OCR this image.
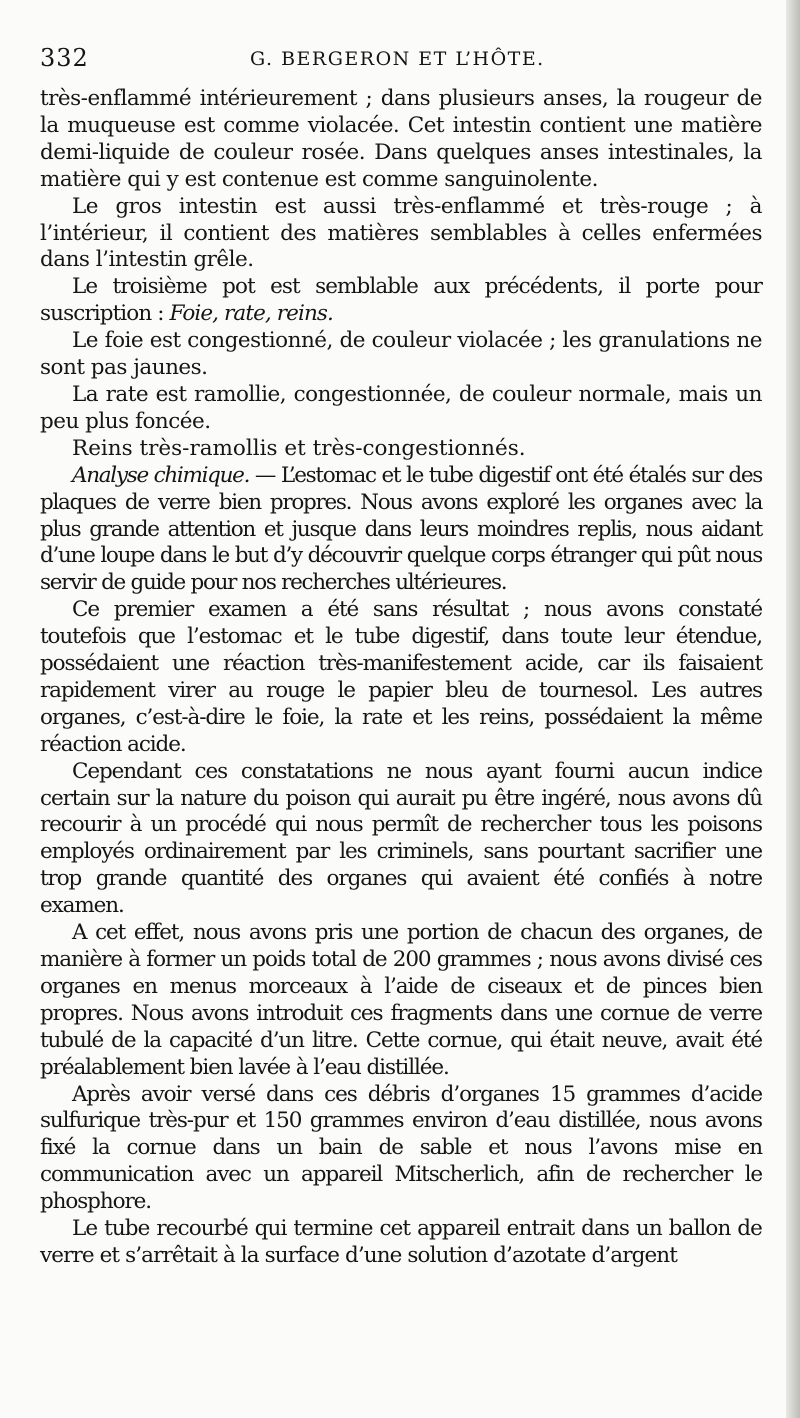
332	G. BERGERON ET L’HÔTE.

très-enflammé intérieurement ; dans plusieurs anses, la rougeur de la muqueuse est comme violacée. Cet intestin contient une matière demi-liquide de couleur rosée. Dans quelques anses intestinales, la matière qui y est contenue est comme sanguinolente.

Le gros intestin est aussi très-enflammé et très-rouge ; à l’intérieur, il contient des matières semblables à celles enfermées dans l’intestin grêle.

Le troisième pot est semblable aux précédents, il porte pour suscription : Foie, rate, reins.

Le foie est congestionné, de couleur violacée ; les granulations ne sont pas jaunes.

La rate est ramollie, congestionnée, de couleur normale, mais un peu plus foncée.

Reins très-ramollis et très-congestionnés.

Analyse chimique. — L’estomac et le tube digestif ont été étalés sur des plaques de verre bien propres. Nous avons exploré les organes avec la plus grande attention et jusque dans leurs moindres replis, nous aidant d’une loupe dans le but d’y découvrir quelque corps étranger qui pût nous servir de guide pour nos recherches ultérieures.

Ce premier examen a été sans résultat ; nous avons constaté toutefois que l’estomac et le tube digestif, dans toute leur étendue, possédaient une réaction très-manifestement acide, car ils faisaient rapidement virer au rouge le papier bleu de tournesol. Les autres organes, c’est-à-dire le foie, la rate et les reins, possédaient la même réaction acide.

Cependant ces constatations ne nous ayant fourni aucun indice certain sur la nature du poison qui aurait pu être ingéré, nous avons dû recourir à un procédé qui nous permît de rechercher tous les poisons employés ordinairement par les criminels, sans pourtant sacrifier une trop grande quantité des organes qui avaient été confiés à notre examen.

A cet effet, nous avons pris une portion de chacun des organes, de manière à former un poids total de 200 grammes ; nous avons divisé ces organes en menus morceaux à l’aide de ciseaux et de pinces bien propres. Nous avons introduit ces fragments dans une cornue de verre tubulé de la capacité d’un litre. Cette cornue, qui était neuve, avait été préalablement bien lavée à l’eau distillée.

Après avoir versé dans ces débris d’organes 15 grammes d’acide sulfurique très-pur et 150 grammes environ d’eau distillée, nous avons fixé la cornue dans un bain de sable et nous l’avons mise en communication avec un appareil Mitscherlich, afin de rechercher le phosphore.

Le tube recourbé qui termine cet appareil entrait dans un ballon de verre et s’arrêtait à la surface d’une solution d’azotate d’argent
